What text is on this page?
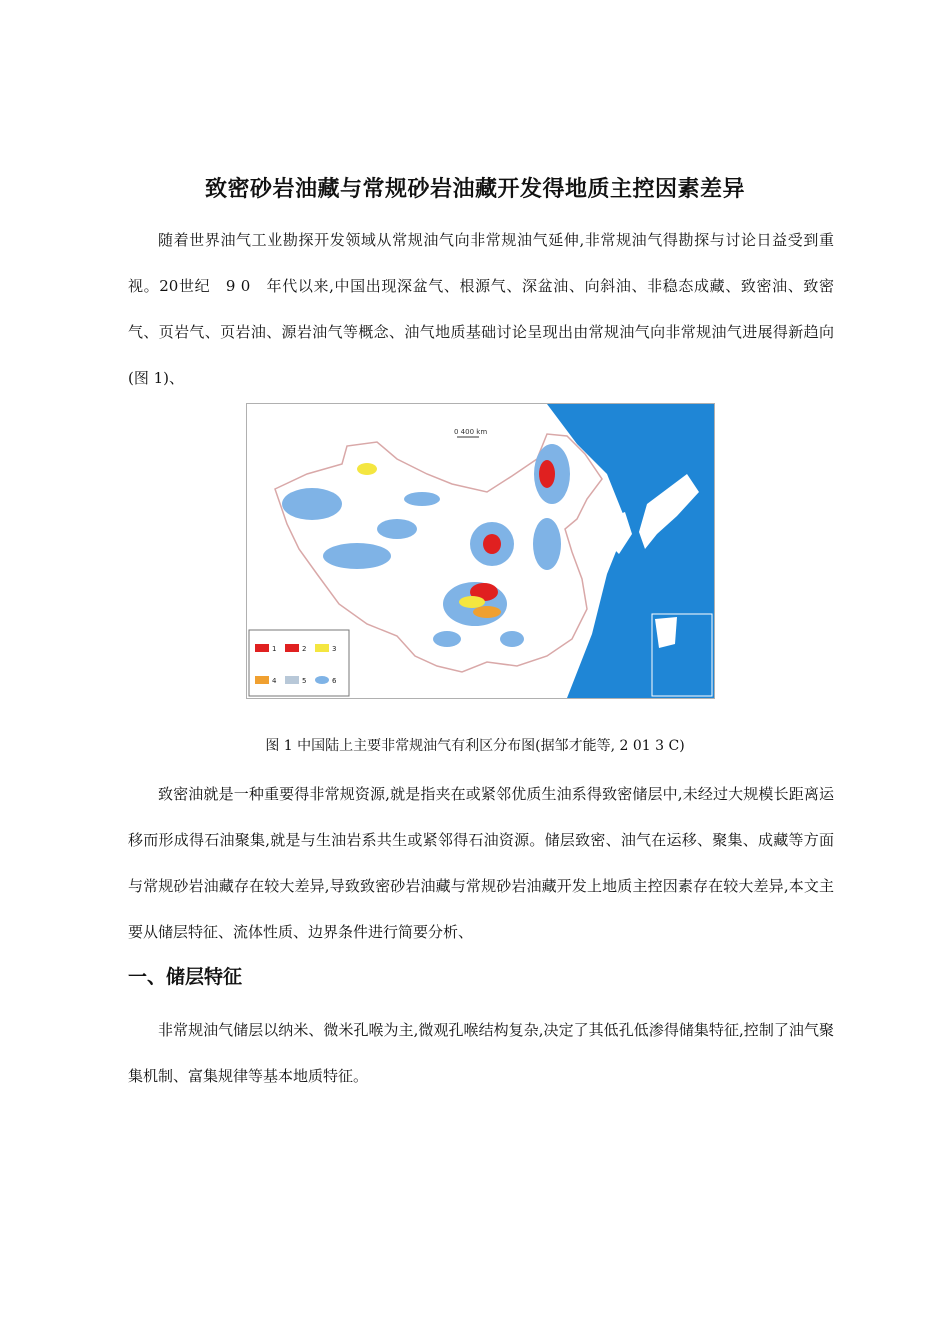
致密砂岩油藏与常规砂岩油藏开发得地质主控因素差异

随着世界油气工业勘探开发领域从常规油气向非常规油气延伸,非常规油气得勘探与讨论日益受到重视。20世纪　9 0　年代以来,中国出现深盆气、根源气、深盆油、向斜油、非稳态成藏、致密油、致密气、页岩气、页岩油、源岩油气等概念、油气地质基础讨论呈现出由常规油气向非常规油气进展得新趋向(图 1)、

0 400 km
1	2	3
4	5	6
图 1 中国陆上主要非常规油气有利区分布图(据邹才能等, 2 01 3 C)

致密油就是一种重要得非常规资源,就是指夹在或紧邻优质生油系得致密储层中,未经过大规模长距离运移而形成得石油聚集,就是与生油岩系共生或紧邻得石油资源。储层致密、油气在运移、聚集、成藏等方面与常规砂岩油藏存在较大差异,导致致密砂岩油藏与常规砂岩油藏开发上地质主控因素存在较大差异,本文主要从储层特征、流体性质、边界条件进行简要分析、

一、储层特征

非常规油气储层以纳米、微米孔喉为主,微观孔喉结构复杂,决定了其低孔低渗得储集特征,控制了油气聚集机制、富集规律等基本地质特征。
